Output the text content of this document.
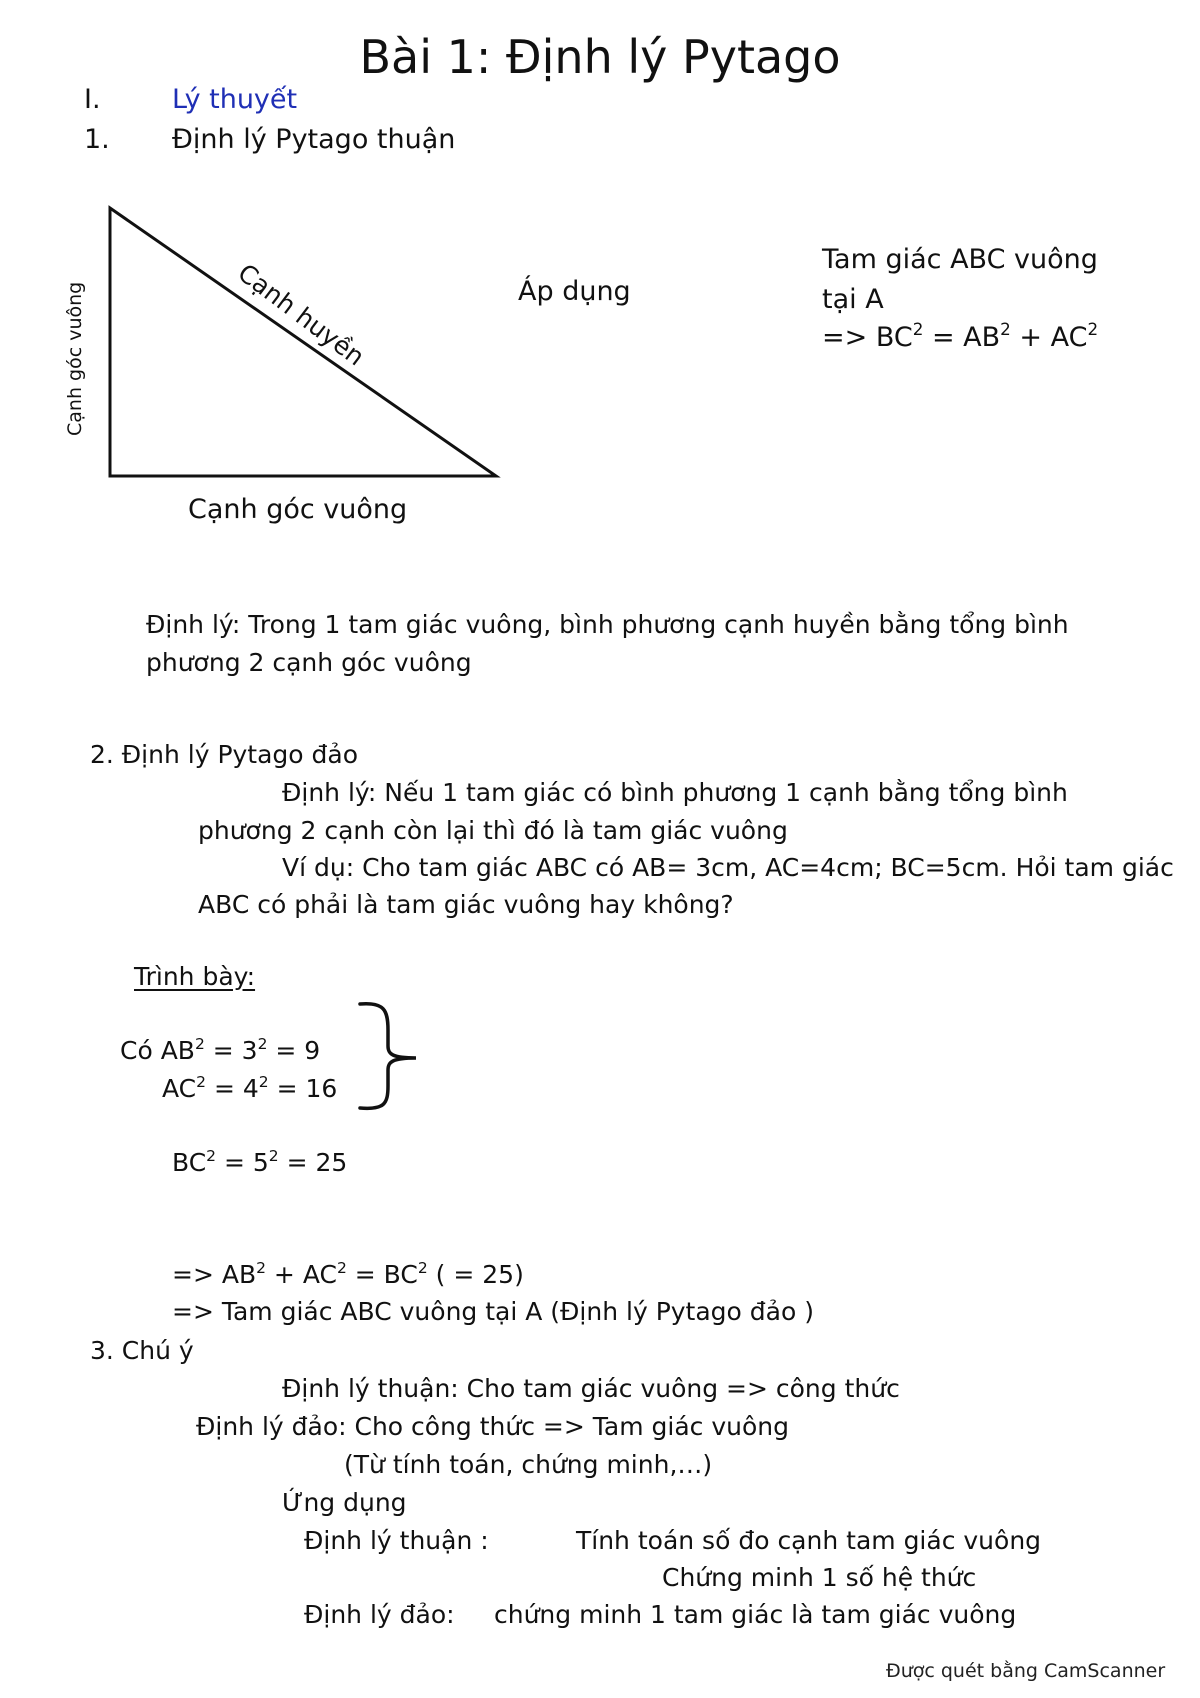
Bài 1: Định lý Pytago
I.	Lý thuyết
1. Định lý Pytago thuận
Cạnh huyền
Cạnh góc vuông
Cạnh góc vuông
Áp dụng
Tam giác ABC vuông
tại A
=> $BC^2 = AB^2 + AC^2$
Định lý: Trong 1 tam giác vuông, bình phương cạnh huyền bằng tổng bình
phương 2 cạnh góc vuông
2. Định lý Pytago đảo
Định lý: Nếu 1 tam giác có bình phương 1 cạnh bằng tổng bình
phương 2 cạnh còn lại thì đó là tam giác vuông
Ví dụ: Cho tam giác ABC có AB= 3cm, AC=4cm; BC=5cm. Hỏi tam giác
ABC có phải là tam giác vuông hay không?
Trình bày:
Có $AB^2 = 3^2 = 9$
$AC^2 = 4^2 = 16$
$BC^2 = 5^2 = 25$
=> $AB^2 + AC^2 = BC^2$ ( = 25)
=> Tam giác ABC vuông tại A (Định lý Pytago đảo )
3. Chú ý
Định lý thuận: Cho tam giác vuông => công thức
Định lý đảo: Cho công thức => Tam giác vuông
(Từ tính toán, chứng minh,…)
Ứng dụng
Định lý thuận :	Tính toán số đo cạnh tam giác vuông
Chứng minh 1 số hệ thức
Định lý đảo: chứng minh 1 tam giác là tam giác vuông
Được quét bằng CamScanner
